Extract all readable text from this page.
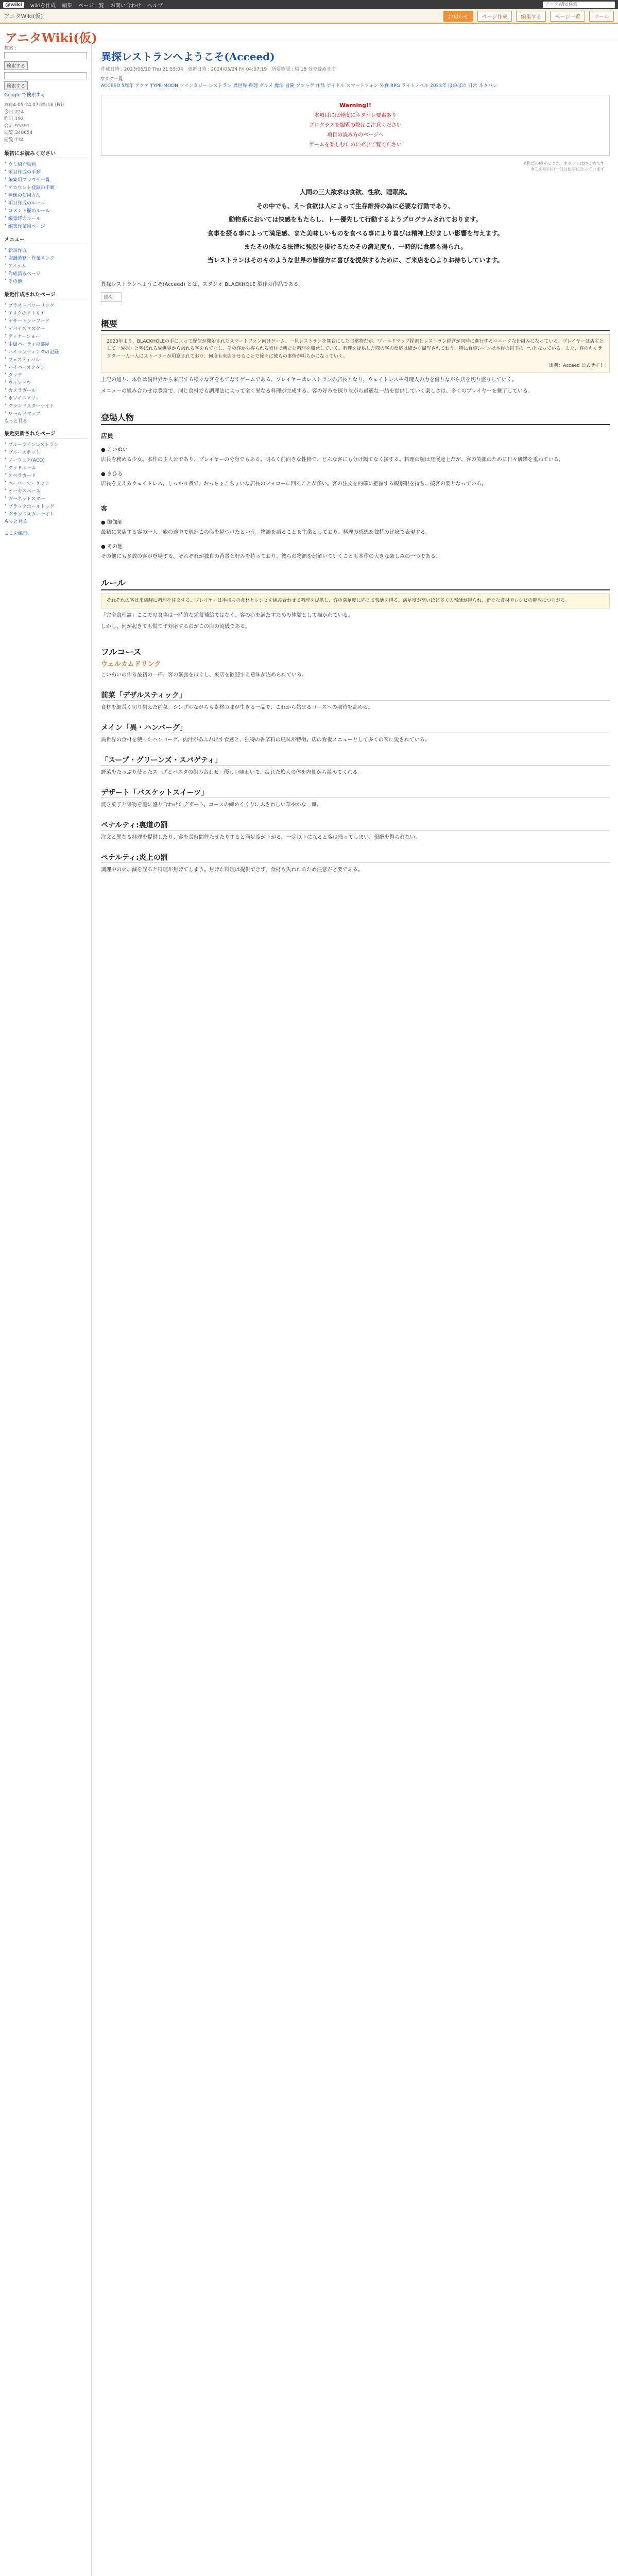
@wiki	wikiを作成 編集 ページ一覧 お問い合わせ ヘルプ	アニタWiki検索
アニタWiki(仮)	お知らせ	ページ作成	編集する	ページ一覧	ツール
アニタWiki(仮)
検索 :
検索する
検索する
Google で検索する
2024-05-24 07:35:16 (Fri)
今日:224
昨日:192
合計:95391
閲覧:348654
閲覧:734
最初にお読みください
• ウミ紹介動画
• 項目作成の手順
• 編集用ブラウザ一覧
• アカウント登録の手順
• 画像の使用方法
• 項目作成のルール
• コメント欄のルール
• 編集時のルール
• 編集作業用ページ
メニュー
• 新規作成
• 店舗業務・作業リンク
• アイテム
• 作成済みページ
• その他
最近作成されたページ
• ブラストパワーリング
• アリクのアトリエ
• デザートシーフード
• デバイスマスター
• ディナーショー
• 中級パーティの部屋
• ハイランディングの記録
• フェスティバル
• ハイパーオクタン
• タッチ
• ウィンドウ
• カメラガール
• ホワイトアワー
• グランドスターナイト
• ワールドマップ
もっと見る
最近更新されたページ
• ブルーラインレストラン
• ブルースポット
• ノーウェア(ACO)
• グッドホーム
• オペラカード
• ペーパーマーケット
• オーキスペース
• ガーネットスター
• ブラックホールドッグ
• グランドスターナイト
もっと見る
ここを編集
異探レストランへようこそ(Acceed)
作成日時 : 2023/06/10 Thu 21:55:04　更新日時 : 2024/05/24 Fri 04:07:19　所要時間 : 約 18 分で読めます
▽タグ一覧
ACCEED 5周年 アクア TYPE-MOON ファンタジー レストラン 異世界 料理 グルメ 魔法 冒険 ソシャゲ 作品 アイドル スマートフォン 外食 RPG ライトノベル 2023年 ほのぼの 日常 ネタバレ
Warning!!
本項目には軽度にネタバレ要素あり
プログラスを閲覧の際はご注意ください
項目の読み方のページへ
ゲームを楽しむためにぜひご覧ください
※物語の紹介につき、ネタバレは控えめです
※この項目の一部は伏字になっています
人間の三大欲求は食欲、性欲、睡眠欲。
その中でも、え～食欲は人によって生存維持の為に必要な行動であり、
動物系においては快感をもたらし、トー優先して行動するようプログラムされております。
食事を摂る事によって満足感、また美味しいものを食べる事により喜びは精神上好ましい影響を与えます。
またその他なる法律に強烈を掛けるためその満足度も、一時的に食感も得られ。
当レストランはそのキのような世界の皆様方に喜びを提供するために、ご来店を心よりお待ちしています。
異探レストランへようこそ(Acceed) とは、スタジオ BLACKHOLE 製作の作品である。
目次
概要
2023年より、BLACKHOLEの手によって配信が開始されたスマートフォン向けゲーム。一見レストランを舞台にした日常物だが、ワールドマップ探索とレストラン経営が同時に進行するユニークな仕組みになっている。プレイヤーは店主として「異探」と呼ばれる異世界から訪れる客をもてなし、その客から得られる素材で新たな料理を開発していく。料理を提供した際の客の反応は細かく描写されており、特に食事シーンは本作の目玉の一つとなっている。また、客のキャラクター一人一人にストーリーが用意されており、何度も来店させることで徐々に彼らの事情が明らかになっていく。
出典：Acceed 公式サイト
上記の通り、本作は異世界から来店する様々な客をもてなすゲームである。プレイヤーはレストランの店長となり、ウェイトレスや料理人の力を借りながら店を切り盛りしていく。
メニューの組み合わせは豊富で、同じ食材でも調理法によって全く異なる料理が完成する。客の好みを探りながら最適な一品を提供していく楽しさは、多くのプレイヤーを魅了している。
登場人物
店員
● こいぬい
店長を務める少女。本作の主人公であり、プレイヤーの分身でもある。明るく前向きな性格で、どんな客にも分け隔てなく接する。料理の腕は発展途上だが、客の笑顔のために日々研鑽を重ねている。
● まひる
店長を支えるウェイトレス。しっかり者で、おっちょこちょいな店長のフォローに回ることが多い。客の注文を的確に把握する観察眼を持ち、接客の要となっている。
客
● 御伽師
最初に来店する客の一人。旅の途中で偶然この店を見つけたという。物語を語ることを生業としており、料理の感想を独特の比喩で表現する。
● その他
その他にも多数の客が登場する。それぞれが独自の背景と好みを持っており、彼らの物語を紐解いていくことも本作の大きな楽しみの一つである。
ルール
それぞれの客は来店時に料理を注文する。プレイヤーは手持ちの食材とレシピを組み合わせて料理を提供し、客の満足度に応じて報酬を得る。満足度が高いほど多くの報酬が得られ、新たな食材やレシピの解放につながる。
「完全食理論」ここでの食事は一時的な栄養補給ではなく、客の心を満たすための体験として描かれている。
しかし、何が起きても慌てず対応するのがこの店の流儀である。
フルコース
ウェルカムドリンク
こいぬいの作る最初の一杯。客の緊張をほぐし、来店を歓迎する意味が込められている。
前菜「デザルスティック」
食材を細長く切り揃えた前菜。シンプルながらも素材の味が生きる一品で、これから始まるコースへの期待を高める。
メイン「異・ハンバーグ」
異世界の食材を使ったハンバーグ。肉汁があふれ出す食感と、独特の香辛料の風味が特徴。店の看板メニューとして多くの客に愛されている。
「スープ・グリーンズ・スパゲティ」
野菜をたっぷり使ったスープとパスタの組み合わせ。優しい味わいで、疲れた旅人の体を内側から温めてくれる。
デザート「バスケットスイーツ」
焼き菓子と果物を籠に盛り合わせたデザート。コースの締めくくりにふさわしい華やかな一皿。
ペナルティ:裏道の罰
注文と異なる料理を提供したり、客を長時間待たせたりすると満足度が下がる。一定以下になると客は帰ってしまい、報酬を得られない。
ペナルティ:炎上の罰
調理中の火加減を誤ると料理が焦げてしまう。焦げた料理は提供できず、食材も失われるため注意が必要である。
